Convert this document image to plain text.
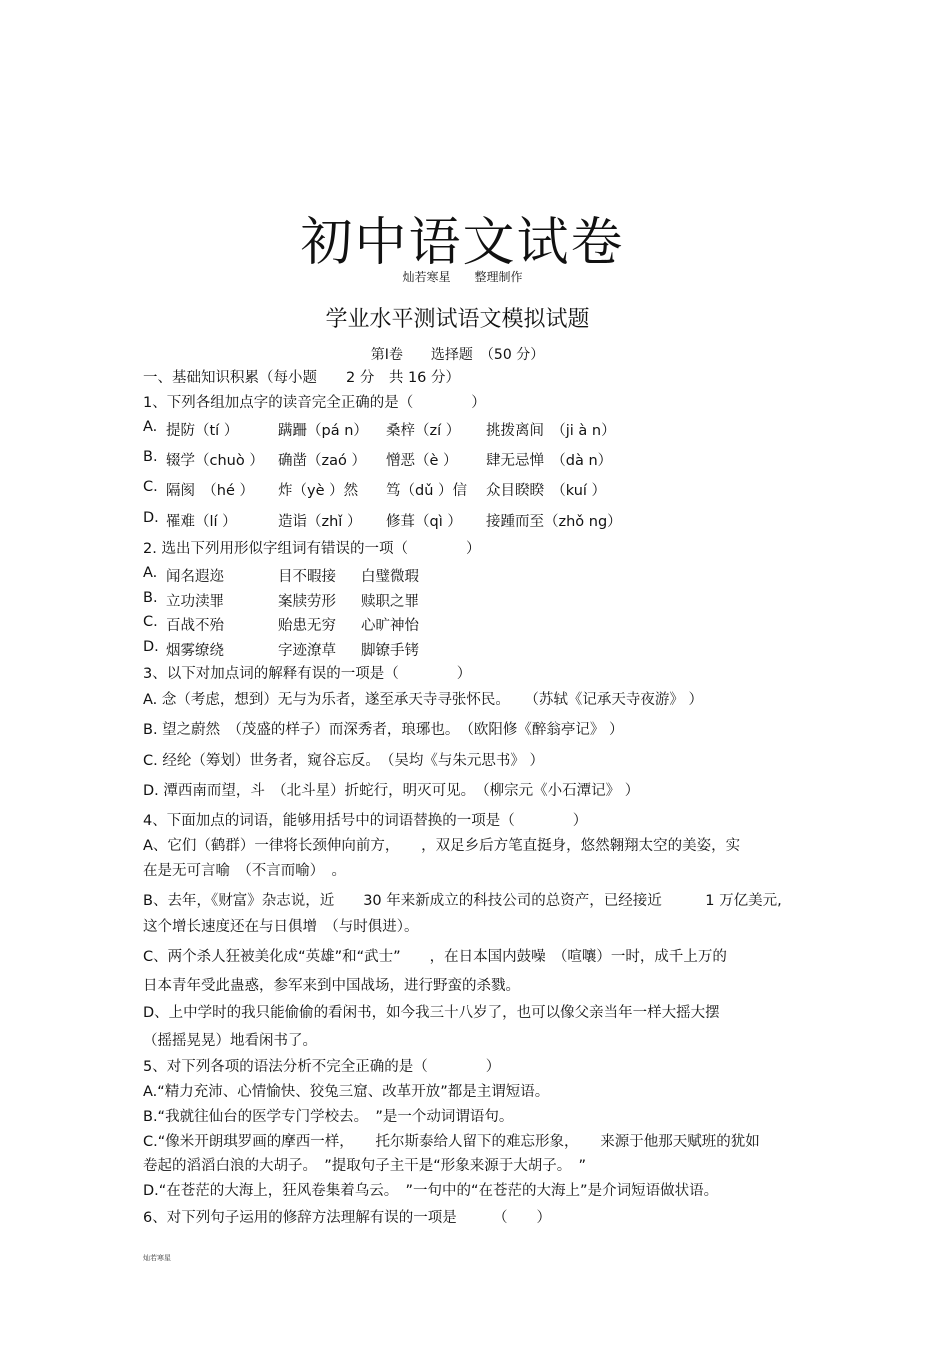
初中语文试卷
灿若寒星　　整理制作
学业水平测试语文模拟试题
第Ⅰ卷　　选择题　（50 分）
一、基础知识积累（每小题　　2 分　共 16 分）
1、下列各组加点字的读音完全正确的是（　　　　）
A. 提防（tí ）	蹒跚（pá n） 桑梓（zí ） 挑拨离间　（ji à n）
B. 辍学（chuò ） 确凿（zaó ） 憎恶（è ） 肆无忌惮　（dà n）
C. 隔阂　（hé ） 炸（yè ）然 笃（dǔ ）信 众目睽睽　（kuí ）
D. 罹难（lí ）	造诣（zhǐ ） 修葺（qì ） 接踵而至（zhǒ ng）
2. 选出下列用形似字组词有错误的一项（　　　　）
A. 闻名遐迩	目不暇接 白璧微瑕
B. 立功渎罪	案牍劳形 赎职之罪
C. 百战不殆	贻患无穷 心旷神怡
D. 烟雾缭绕	字迹潦草 脚镣手铐
3、以下对加点词的解释有误的一项是（　　　　）
A. 念（考虑，想到）无与为乐者，遂至承天寺寻张怀民。　　（苏轼《记承天寺夜游》 ）
B. 望之蔚然　（茂盛的样子）而深秀者，琅琊也。　（欧阳修《醉翁亭记》 ）
C. 经纶（筹划）世务者，窥谷忘反。　（吴均《与朱元思书》 ）
D. 潭西南而望，斗　（北斗星）折蛇行，明灭可见。　（柳宗元《小石潭记》 ）
4、下面加点的词语，能够用括号中的词语替换的一项是（　　　　）
A、它们（鹤群）一律将长颈伸向前方，　　，双足乡后方笔直挺身，悠然翱翔太空的美姿，实
在是无可言喻　（不言而喻）　。
B、去年，《财富》杂志说，近　　30 年来新成立的科技公司的总资产，已经接近　　　1 万亿美元,
这个增长速度还在与日俱增　（与时俱进）。
C、两个杀人狂被美化成“英雄”和“武士”　　，在日本国内鼓噪　（喧嚷）一时，成千上万的
日本青年受此蛊惑，参军来到中国战场，进行野蛮的杀戮。
D、上中学时的我只能偷偷的看闲书，如今我三十八岁了，也可以像父亲当年一样大摇大摆
（摇摇晃晃）地看闲书了。
5、对下列各项的语法分析不完全正确的是（　　　　）
A.“精力充沛、心情愉快、狡兔三窟、改革开放”都是主谓短语。
B.“我就往仙台的医学专门学校去。　”是一个动词谓语句。
C.“像米开朗琪罗画的摩西一样，　　托尔斯泰给人留下的难忘形象，　　来源于他那天赋班的犹如
卷起的滔滔白浪的大胡子。　”提取句子主干是“形象来源于大胡子。　”
D.“在苍茫的大海上，狂风卷集着乌云。　”一句中的“在苍茫的大海上”是介词短语做状语。
6、对下列句子运用的修辞方法理解有误的一项是　　　（　　）
灿若寒星
